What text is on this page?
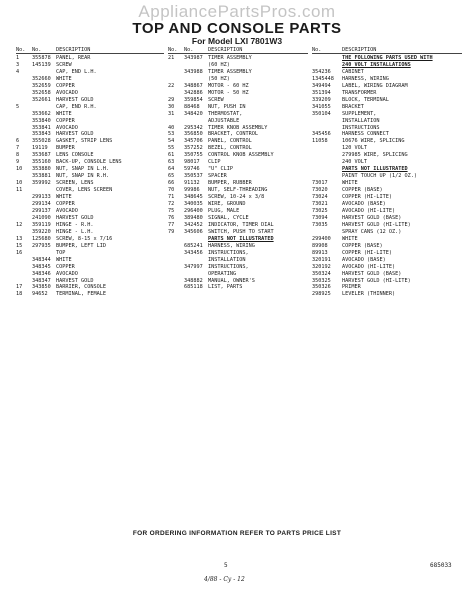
AppliancePartsPros.com
TOP AND CONSOLE PARTS
For Model LXI 7801W3
No.	No.	DESCRIPTION
1	355878	PANEL, REAR
3	145139	SCREW
4	CAP, END L.H.
352660	WHITE
352659	COPPER
352658	AVOCADO
352661	HARVEST GOLD
5	CAP, END R.H.
353662	WHITE
353840	COPPER
353841	AVOCADO
353843	HARVEST GOLD
6	355028	GASKET, STRIP LENS
7	19119	BUMPER
8	353687	LENS CONSOLE
9	355160	BACK-UP, CONSOLE LENS
10	353880	NUT, SNAP IN L.H.
353881	NUT, SNAP IN R.H.
10	359992	SCREEN, LENS
11	COVER, LENS SCREEN
299133	WHITE
299134	COPPER
299137	AVOCADO
241090	HARVEST GOLD
12	359119	HINGE - R.H.
359220	HINGE - L.H.
13	125680	SCREW, 8-15 x 7/16
15	297935	BUMPER, LEFT LID
16	TOP
348344	WHITE
348345	COPPER
348346	AVOCADO
348347	HARVEST GOLD
17	343850	BARRIER, CONSOLE
18	94652	TERMINAL, FEMALE
No.	No.	DESCRIPTION
21	343987	TIMER ASSEMBLY
(60 HZ)
343988	TIMER ASSEMBLY
(50 HZ)
22	348867	MOTOR - 60 HZ
342886	MOTOR - 50 HZ
29	359854	SCREW
30	88468	NUT, PUSH IN
31	348420	THERMOSTAT,
ADJUSTABLE
40	295342	TIMER KNOB ASSEMBLY
53	356850	BRACKET, CONTROL
54	345706	PANEL, CONTROL
55	357252	BEZEL, CONTROL
61	350755	CONTROL KNOB ASSEMBLY
63	98017	CLIP
64	59746	"U" CLIP
65	350537	SPACER
66	91132	BUMPER, RUBBER
70	99986	NUT, SELF-THREADING
71	348645	SCREW, 10-24 x 3/8
72	340035	WIRE, GROUND
75	296400	PLUG, MALE
76	389480	SIGNAL, CYCLE
77	342452	INDICATOR, TIMER DIAL
79	345606	SWITCH, PUSH TO START
PARTS NOT ILLUSTRATED
685241	HARNESS, WIRING
343456	INSTRUCTIONS,
INSTALLATION
347997	INSTRUCTIONS,
OPERATING
348882	MANUAL, OWNER'S
685118	LIST, PARTS
No.	DESCRIPTION
THE FOLLOWING PARTS USED WITH
240 VOLT INSTALLATIONS
354236	CABINET
1345448	HARNESS, WIRING
349494	LABEL, WIRING DIAGRAM
351394	TRANSFORMER
339209	BLOCK, TERMINAL
341055	BRACKET
350104	SUPPLEMENT,
INSTALLATION
INSTRUCTIONS
345456	HARNESS CONNECT
11058	10676 WIRE, SPLICING
120 VOLT
279985 WIRE, SPLICING
240 VOLT
PARTS NOT ILLUSTRATED
PAINT TOUCH UP (1/2 OZ.)
73017	WHITE
73020	COPPER (BASE)
73024	COPPER (HI-LITE)
73021	AVOCADO (BASE)
73025	AVOCADO (HI-LITE)
73094	HARVEST GOLD (BASE)
73035	HARVEST GOLD (HI-LITE)
SPRAY CANS (12 OZ.)
299400	WHITE
89908	COPPER (BASE)
89913	COPPER (HI-LITE)
320191	AVOCADO (BASE)
320192	AVOCADO (HI-LITE)
350324	HARVEST GOLD (BASE)
350325	HARVEST GOLD (HI-LITE)
350326	PRIMER
298925	LEVELER (THINNER)
FOR ORDERING INFORMATION REFER TO PARTS PRICE LIST
5	685033
4/88 - Cy - 12
